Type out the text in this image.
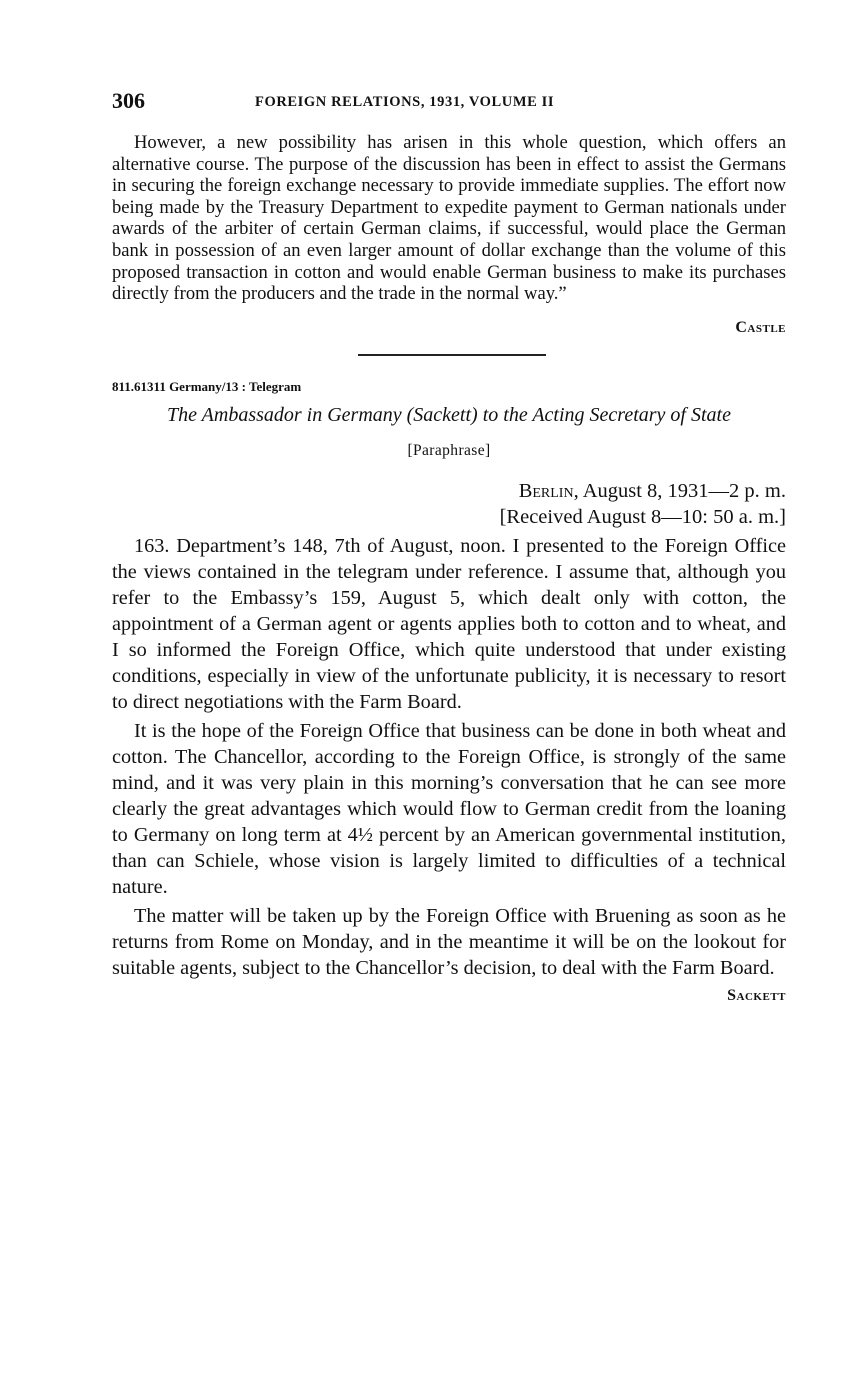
306	FOREIGN RELATIONS, 1931, VOLUME II

However, a new possibility has arisen in this whole question, which offers an alternative course. The purpose of the discussion has been in effect to assist the Germans in securing the foreign exchange necessary to provide immediate supplies. The effort now being made by the Treasury Department to expedite payment to German nationals under awards of the arbiter of certain German claims, if successful, would place the German bank in possession of an even larger amount of dollar exchange than the volume of this proposed transaction in cotton and would enable German business to make its purchases directly from the producers and the trade in the normal way.”

Castle
811.61311 Germany/13 : Telegram
The Ambassador in Germany (Sackett) to the Acting Secretary of State
[Paraphrase]
Berlin, August 8, 1931—2 p. m.
[Received August 8—10: 50 a. m.]

163. Department’s 148, 7th of August, noon. I presented to the Foreign Office the views contained in the telegram under reference. I assume that, although you refer to the Embassy’s 159, August 5, which dealt only with cotton, the appointment of a German agent or agents applies both to cotton and to wheat, and I so informed the Foreign Office, which quite understood that under existing conditions, especially in view of the unfortunate publicity, it is necessary to resort to direct negotiations with the Farm Board.

It is the hope of the Foreign Office that business can be done in both wheat and cotton. The Chancellor, according to the Foreign Office, is strongly of the same mind, and it was very plain in this morning’s conversation that he can see more clearly the great advantages which would flow to German credit from the loaning to Germany on long term at 4½ percent by an American governmental institution, than can Schiele, whose vision is largely limited to difficulties of a technical nature.

The matter will be taken up by the Foreign Office with Bruening as soon as he returns from Rome on Monday, and in the meantime it will be on the lookout for suitable agents, subject to the Chancellor’s decision, to deal with the Farm Board.

Sackett
